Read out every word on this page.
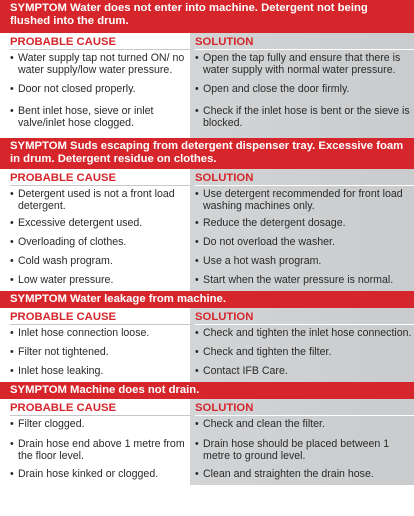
SYMPTOM Water does not enter into machine. Detergent not being flushed into the drum.
PROBABLE CAUSE
• Water supply tap not turned ON/ no water supply/low water pressure.
• Door not closed properly.
• Bent inlet hose, sieve or inlet valve/inlet hose clogged.
SOLUTION
• Open the tap fully and ensure that there is water supply with normal water pressure.
• Open and close the door firmly.
• Check if the inlet hose is bent or the sieve is blocked.
SYMPTOM Suds escaping from detergent dispenser tray. Excessive foam in drum. Detergent residue on clothes.
PROBABLE CAUSE
• Detergent used is not a front load detergent.
• Excessive detergent used.
• Overloading of clothes.
• Cold wash program.
• Low water pressure.
SOLUTION
• Use detergent recommended for front load washing machines only.
• Reduce the detergent dosage.
• Do not overload the washer.
• Use a hot wash program.
• Start when the water pressure is normal.
SYMPTOM Water leakage from machine.
PROBABLE CAUSE
• Inlet hose connection loose.
• Filter not tightened.
• Inlet hose leaking.
SOLUTION
• Check and tighten the inlet hose connection.
• Check and tighten the filter.
• Contact IFB Care.
SYMPTOM Machine does not drain.
PROBABLE CAUSE
• Filter clogged.
• Drain hose end above 1 metre from the floor level.
• Drain hose kinked or clogged.
SOLUTION
• Check and clean the filter.
• Drain hose should be placed between 1 metre to ground level.
• Clean and straighten the drain hose.
